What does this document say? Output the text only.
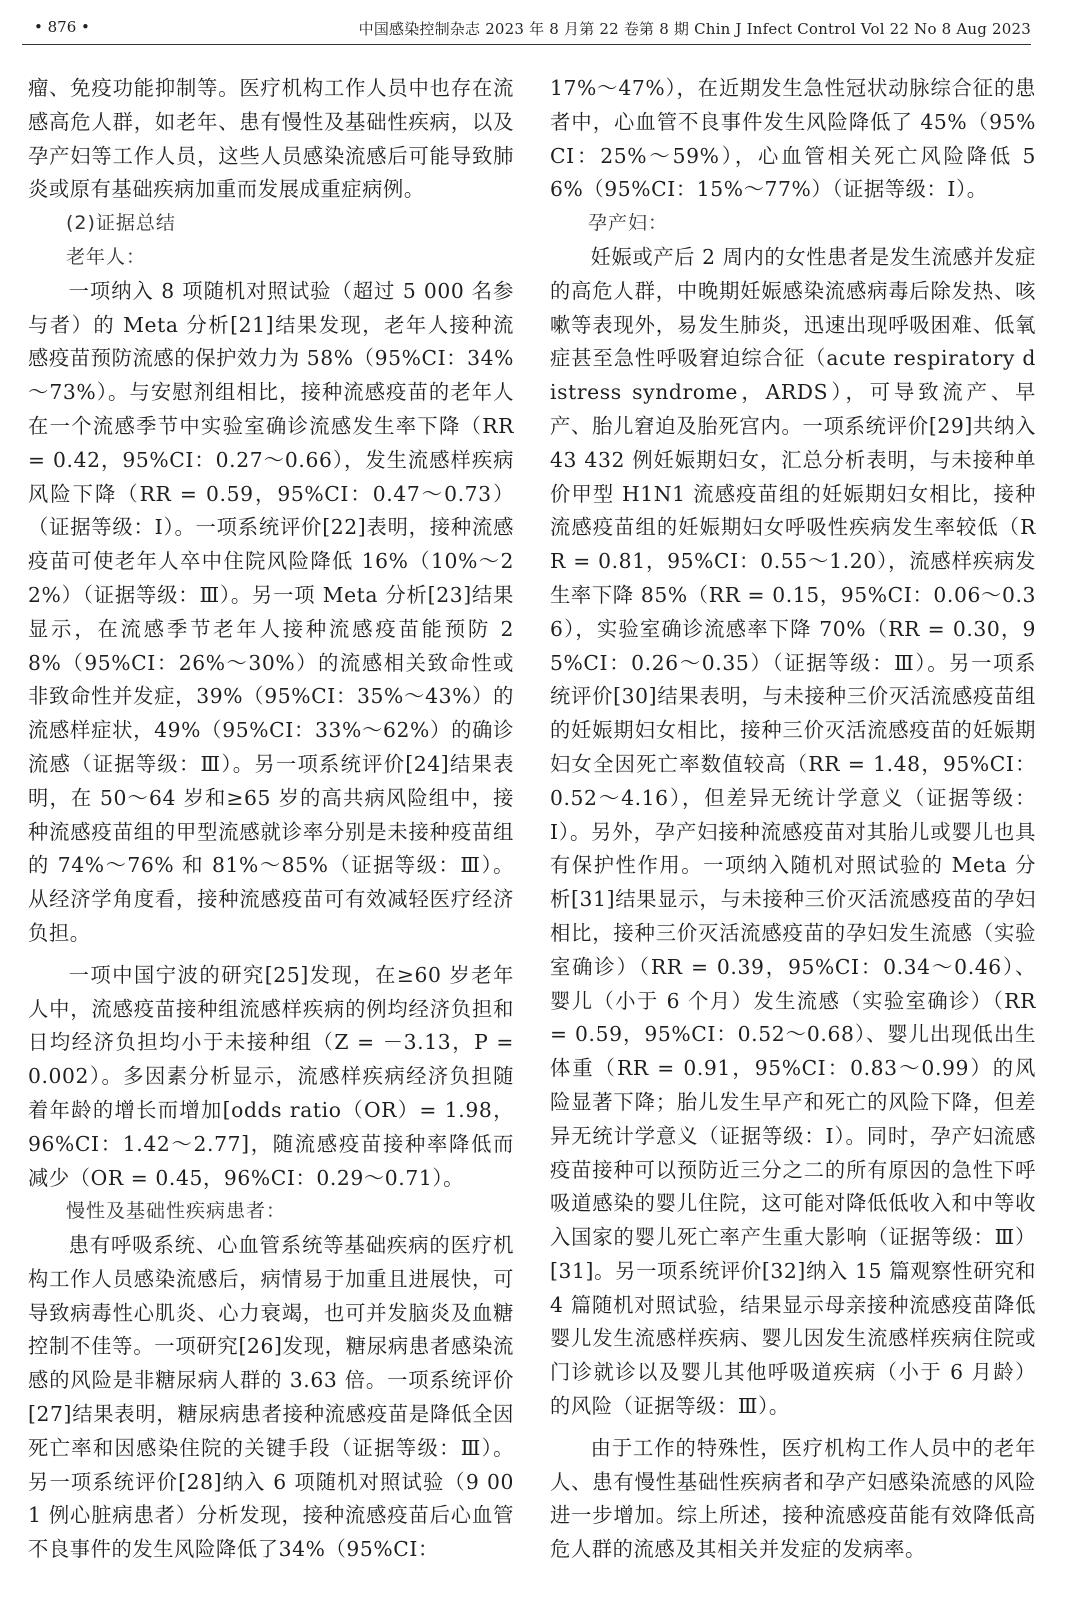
• 876 •	中国感染控制杂志 2023 年 8 月第 22 卷第 8 期 Chin J Infect Control Vol 22 No 8 Aug 2023

瘤、免疫功能抑制等。医疗机构工作人员中也存在流感高危人群，如老年、患有慢性及基础性疾病，以及孕产妇等工作人员，这些人员感染流感后可能导致肺炎或原有基础疾病加重而发展成重症病例。

(2)证据总结

老年人：

一项纳入 8 项随机对照试验（超过 5 000 名参与者）的 Meta 分析[21]结果发现，老年人接种流感疫苗预防流感的保护效力为 58%（95%CI：34%～73%）。与安慰剂组相比，接种流感疫苗的老年人在一个流感季节中实验室确诊流感发生率下降（RR = 0.42，95%CI：0.27～0.66），发生流感样疾病风险下降（RR = 0.59，95%CI：0.47～0.73）（证据等级：Ⅰ）。一项系统评价[22]表明，接种流感疫苗可使老年人卒中住院风险降低 16%（10%～22%）（证据等级：Ⅲ）。另一项 Meta 分析[23]结果显示，在流感季节老年人接种流感疫苗能预防 28%（95%CI：26%～30%）的流感相关致命性或非致命性并发症，39%（95%CI：35%～43%）的流感样症状，49%（95%CI：33%～62%）的确诊流感（证据等级：Ⅲ）。另一项系统评价[24]结果表明，在 50～64 岁和≥65 岁的高共病风险组中，接种流感疫苗组的甲型流感就诊率分别是未接种疫苗组的 74%～76% 和 81%～85%（证据等级：Ⅲ）。从经济学角度看，接种流感疫苗可有效减轻医疗经济负担。

一项中国宁波的研究[25]发现，在≥60 岁老年人中，流感疫苗接种组流感样疾病的例均经济负担和日均经济负担均小于未接种组（Z = －3.13，P = 0.002）。多因素分析显示，流感样疾病经济负担随着年龄的增长而增加[odds ratio（OR）= 1.98，96%CI：1.42～2.77]，随流感疫苗接种率降低而减少（OR = 0.45，96%CI：0.29～0.71）。

慢性及基础性疾病患者：

患有呼吸系统、心血管系统等基础疾病的医疗机构工作人员感染流感后，病情易于加重且进展快，可导致病毒性心肌炎、心力衰竭，也可并发脑炎及血糖控制不佳等。一项研究[26]发现，糖尿病患者感染流感的风险是非糖尿病人群的 3.63 倍。一项系统评价[27]结果表明，糖尿病患者接种流感疫苗是降低全因死亡率和因感染住院的关键手段（证据等级：Ⅲ）。另一项系统评价[28]纳入 6 项随机对照试验（9 001 例心脏病患者）分析发现，接种流感疫苗后心血管不良事件的发生风险降低了34%（95%CI：

17%～47%），在近期发生急性冠状动脉综合征的患者中，心血管不良事件发生风险降低了 45%（95%CI：25%～59%），心血管相关死亡风险降低 56%（95%CI：15%～77%）（证据等级：Ⅰ）。

孕产妇：

妊娠或产后 2 周内的女性患者是发生流感并发症的高危人群，中晚期妊娠感染流感病毒后除发热、咳嗽等表现外，易发生肺炎，迅速出现呼吸困难、低氧症甚至急性呼吸窘迫综合征（acute respiratory distress syndrome，ARDS），可导致流产、早产、胎儿窘迫及胎死宫内。一项系统评价[29]共纳入 43 432 例妊娠期妇女，汇总分析表明，与未接种单价甲型 H1N1 流感疫苗组的妊娠期妇女相比，接种流感疫苗组的妊娠期妇女呼吸性疾病发生率较低（RR = 0.81，95%CI：0.55～1.20），流感样疾病发生率下降 85%（RR = 0.15，95%CI：0.06～0.36），实验室确诊流感率下降 70%（RR = 0.30，95%CI：0.26～0.35）（证据等级：Ⅲ）。另一项系统评价[30]结果表明，与未接种三价灭活流感疫苗组的妊娠期妇女相比，接种三价灭活流感疫苗的妊娠期妇女全因死亡率数值较高（RR = 1.48，95%CI：0.52～4.16），但差异无统计学意义（证据等级：Ⅰ）。另外，孕产妇接种流感疫苗对其胎儿或婴儿也具有保护性作用。一项纳入随机对照试验的 Meta 分析[31]结果显示，与未接种三价灭活流感疫苗的孕妇相比，接种三价灭活流感疫苗的孕妇发生流感（实验室确诊）（RR = 0.39，95%CI：0.34～0.46）、婴儿（小于 6 个月）发生流感（实验室确诊）（RR = 0.59，95%CI：0.52～0.68）、婴儿出现低出生体重（RR = 0.91，95%CI：0.83～0.99）的风险显著下降；胎儿发生早产和死亡的风险下降，但差异无统计学意义（证据等级：Ⅰ）。同时，孕产妇流感疫苗接种可以预防近三分之二的所有原因的急性下呼吸道感染的婴儿住院，这可能对降低低收入和中等收入国家的婴儿死亡率产生重大影响（证据等级：Ⅲ）[31]。另一项系统评价[32]纳入 15 篇观察性研究和 4 篇随机对照试验，结果显示母亲接种流感疫苗降低婴儿发生流感样疾病、婴儿因发生流感样疾病住院或门诊就诊以及婴儿其他呼吸道疾病（小于 6 月龄）的风险（证据等级：Ⅲ）。

由于工作的特殊性，医疗机构工作人员中的老年人、患有慢性基础性疾病者和孕产妇感染流感的风险进一步增加。综上所述，接种流感疫苗能有效降低高危人群的流感及其相关并发症的发病率。
